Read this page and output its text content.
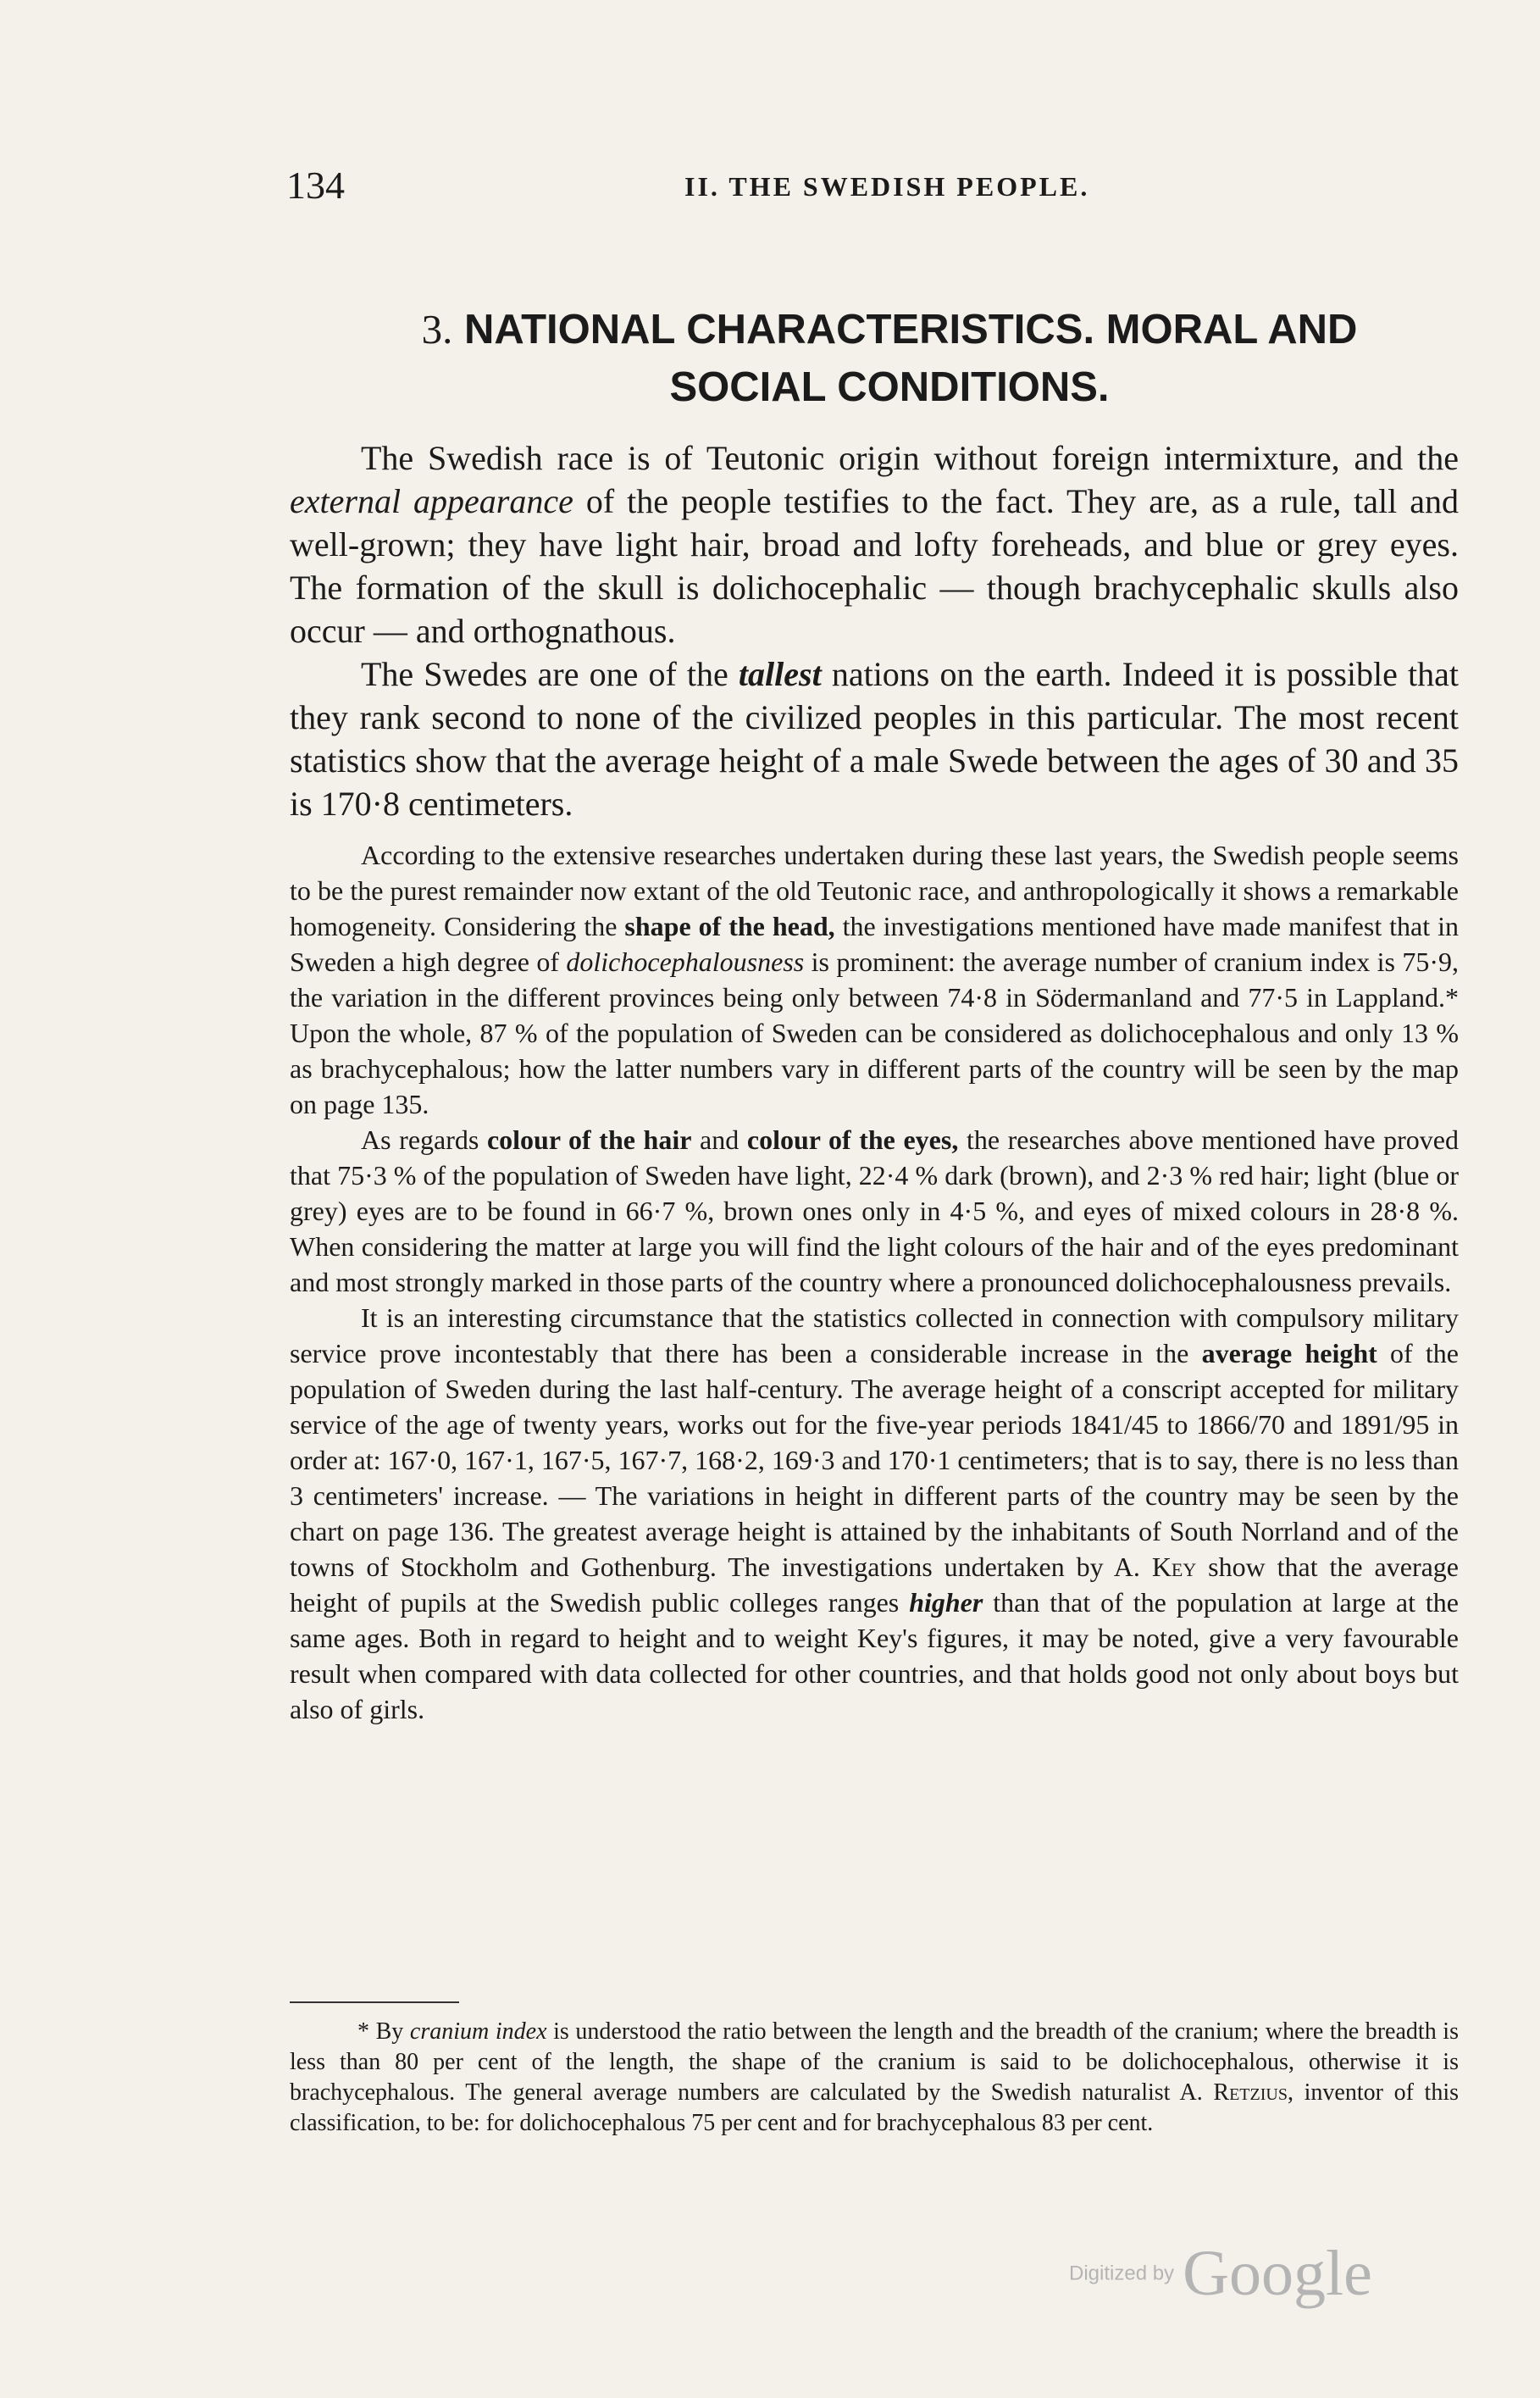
134	II. THE SWEDISH PEOPLE.
3. NATIONAL CHARACTERISTICS. MORAL AND
SOCIAL CONDITIONS.

The Swedish race is of Teutonic origin without foreign intermixture, and the external appearance of the people testifies to the fact. They are, as a rule, tall and well-grown; they have light hair, broad and lofty foreheads, and blue or grey eyes. The formation of the skull is dolichocephalic — though brachycephalic skulls also occur — and orthognathous.

The Swedes are one of the tallest nations on the earth. Indeed it is possible that they rank second to none of the civilized peoples in this particular. The most recent statistics show that the average height of a male Swede between the ages of 30 and 35 is 170·8 centimeters.

According to the extensive researches undertaken during these last years, the Swedish people seems to be the purest remainder now extant of the old Teutonic race, and anthropologically it shows a remarkable homogeneity. Considering the shape of the head, the investigations mentioned have made manifest that in Sweden a high degree of dolichocephalousness is prominent: the average number of cranium index is 75·9, the variation in the different provinces being only between 74·8 in Södermanland and 77·5 in Lappland.* Upon the whole, 87 % of the population of Sweden can be considered as dolichocephalous and only 13 % as brachycephalous; how the latter numbers vary in different parts of the country will be seen by the map on page 135.

As regards colour of the hair and colour of the eyes, the researches above mentioned have proved that 75·3 % of the population of Sweden have light, 22·4 % dark (brown), and 2·3 % red hair; light (blue or grey) eyes are to be found in 66·7 %, brown ones only in 4·5 %, and eyes of mixed colours in 28·8 %. When considering the matter at large you will find the light colours of the hair and of the eyes predominant and most strongly marked in those parts of the country where a pronounced dolichocephalousness prevails.

It is an interesting circumstance that the statistics collected in connection with compulsory military service prove incontestably that there has been a considerable increase in the average height of the population of Sweden during the last half-century. The average height of a conscript accepted for military service of the age of twenty years, works out for the five-year periods 1841/45 to 1866/70 and 1891/95 in order at: 167·0, 167·1, 167·5, 167·7, 168·2, 169·3 and 170·1 centimeters; that is to say, there is no less than 3 centimeters' increase. — The variations in height in different parts of the country may be seen by the chart on page 136. The greatest average height is attained by the inhabitants of South Norrland and of the towns of Stockholm and Gothenburg. The investigations undertaken by A. Key show that the average height of pupils at the Swedish public colleges ranges higher than that of the population at large at the same ages. Both in regard to height and to weight Key's figures, it may be noted, give a very favourable result when compared with data collected for other countries, and that holds good not only about boys but also of girls.

* By cranium index is understood the ratio between the length and the breadth of the cranium; where the breadth is less than 80 per cent of the length, the shape of the cranium is said to be dolichocephalous, otherwise it is brachycephalous. The general average numbers are calculated by the Swedish naturalist A. Retzius, inventor of this classification, to be: for dolichocephalous 75 per cent and for brachycephalous 83 per cent.

Digitized by Google
